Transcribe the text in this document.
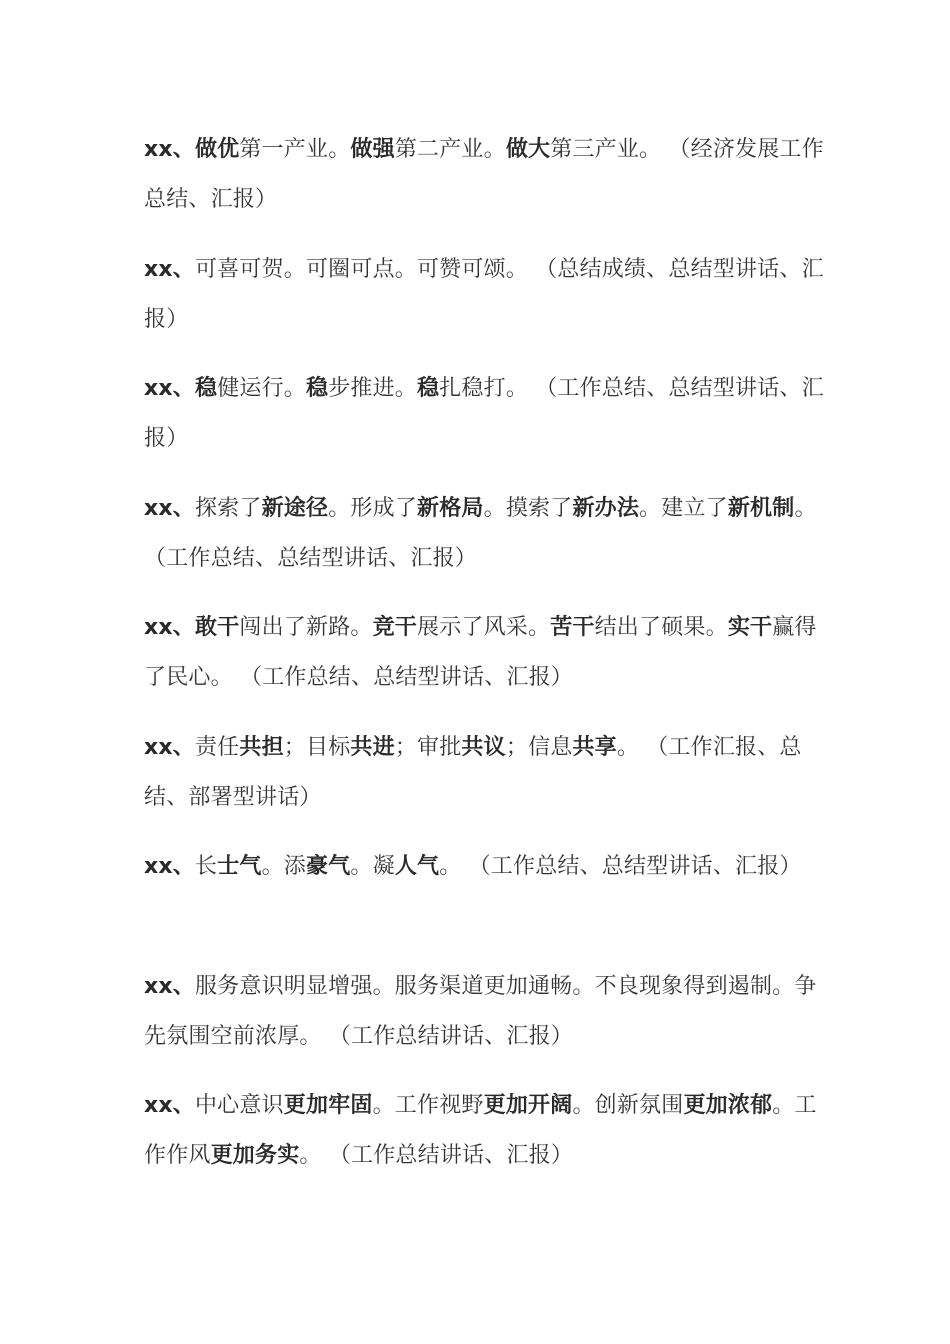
xx、做优第一产业。做强第二产业。做大第三产业。 （经济发展工作总结、汇报）

xx、可喜可贺。可圈可点。可赞可颂。 （总结成绩、总结型讲话、汇报）

xx、稳健运行。稳步推进。稳扎稳打。 （工作总结、总结型讲话、汇报）

xx、探索了新途径。形成了新格局。摸索了新办法。建立了新机制。 （工作总结、总结型讲话、汇报）

xx、敢干闯出了新路。竞干展示了风采。苦干结出了硕果。实干赢得了民心。 （工作总结、总结型讲话、汇报）

xx、责任共担；目标共进；审批共议；信息共享。 （工作汇报、总结、部署型讲话）

xx、长士气。添豪气。凝人气。 （工作总结、总结型讲话、汇报）

xx、服务意识明显增强。服务渠道更加通畅。不良现象得到遏制。争先氛围空前浓厚。 （工作总结讲话、汇报）

xx、中心意识更加牢固。工作视野更加开阔。创新氛围更加浓郁。工作作风更加务实。 （工作总结讲话、汇报）
